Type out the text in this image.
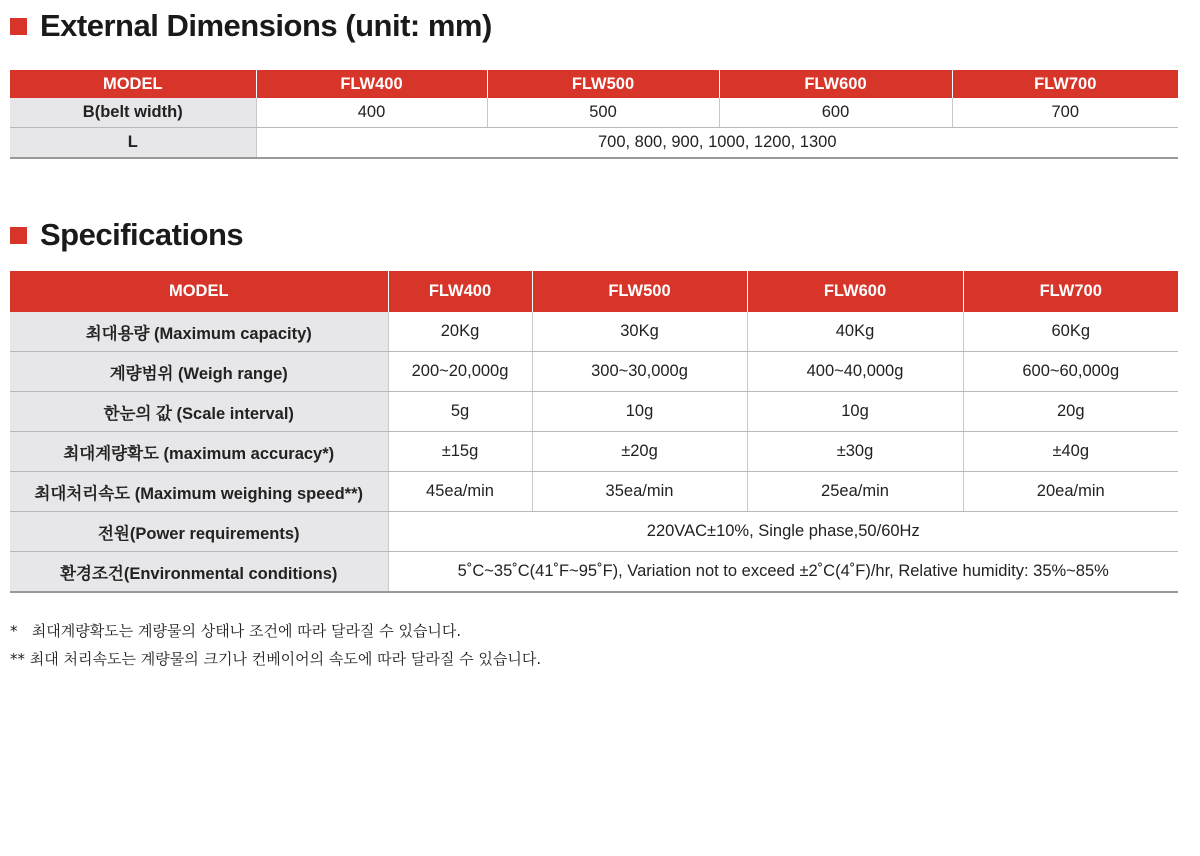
External Dimensions (unit: mm)
MODEL	FLW400	FLW500	FLW600	FLW700
B(belt width)	400	500	600	700
L	700, 800, 900, 1000, 1200, 1300			
Specifications
MODEL	FLW400	FLW500	FLW600	FLW700
최대용량 (Maximum capacity)	20Kg	30Kg	40Kg	60Kg
계량범위 (Weigh range)	200~20,000g	300~30,000g	400~40,000g	600~60,000g
한눈의 값 (Scale interval)	5g	10g	10g	20g
최대계량확도 (maximum accuracy*)	±15g	±20g	±30g	±40g
최대처리속도 (Maximum weighing speed**)	45ea/min	35ea/min	25ea/min	20ea/min
전원(Power requirements)	220VAC±10%, Single phase,50/60Hz			
환경조건(Environmental conditions)	5˚C~35˚C(41˚F~95˚F), Variation not to exceed ±2˚C(4˚F)/hr, Relative humidity: 35%~85%			
*   최대계량확도는 계량물의 상태나 조건에 따라 달라질 수 있습니다.
** 최대 처리속도는 계량물의 크기나 컨베이어의 속도에 따라 달라질 수 있습니다.
